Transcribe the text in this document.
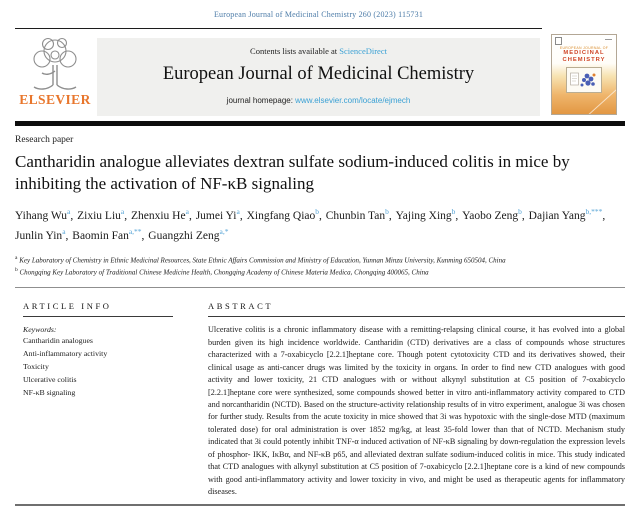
European Journal of Medicinal Chemistry 260 (2023) 115731
ELSEVIER
Contents lists available at ScienceDirect
European Journal of Medicinal Chemistry
journal homepage: www.elsevier.com/locate/ejmech
EUROPEAN JOURNAL OF
MEDICINAL
CHEMISTRY
Research paper
Cantharidin analogue alleviates dextran sulfate sodium-induced colitis in mice by inhibiting the activation of NF-κB signaling
Yihang Wu$^a$, Zixiu Liu$^a$, Zhenxiu He$^a$, Jumei Yi$^a$, Xingfang Qiao$^b$, Chunbin Tan$^b$, Yajing Xing$^b$, Yaobo Zeng$^b$, Dajian Yang$^{b,***}$, Junlin Yin$^a$, Baomin Fan$^{a,**}$, Guangzhi Zeng$^{a,*}$
$^a$ Key Laboratory of Chemistry in Ethnic Medicinal Resources, State Ethnic Affairs Commission and Ministry of Education, Yunnan Minzu University, Kunming 650504, China
$^b$ Chongqing Key Laboratory of Traditional Chinese Medicine Health, Chongqing Academy of Chinese Materia Medica, Chongqing 400065, China
ARTICLE INFO
Keywords:
Cantharidin analogues
Anti-inflammatory activity
Toxicity
Ulcerative colitis
NF-κB signaling
ABSTRACT
Ulcerative colitis is a chronic inflammatory disease with a remitting-relapsing clinical course, it has evolved into a global burden given its high incidence worldwide. Cantharidin (CTD) derivatives are a class of compounds whose structures characterized with a 7-oxabicyclo [2.2.1]heptane core. Though potent cytotoxicity CTD and its derivatives showed, their clinical usage as anti-cancer drugs was limited by the toxicity in organs. In order to find new CTD analogues with good activity and lower toxicity, 21 CTD analogues with or without alkynyl substitution at C5 position of 7-oxabicyclo [2.2.1]heptane core were synthesized, some compounds showed better in vitro anti-inflammatory activity compared to CTD and norcantharidin (NCTD). Based on the structure-activity relationship results of in vitro experiment, analogue 3i was chosen for further study. Results from the acute toxicity in mice showed that 3i was hypotoxic with the single-dose MTD (maximum tolerated dose) for oral administration is over 1852 mg/kg, at least 35-fold lower than that of NCTD. Mechanism study indicated that 3i could potently inhibit TNF-α induced activation of NF-κB signaling by down-regulation the expression levels of phosphor- IKK, IκBα, and NF-κB p65, and alleviated dextran sulfate sodium-induced colitis in mice. This study indicated that CTD analogues with alkynyl substitution at C5 position of 7-oxabicyclo [2.2.1]heptane core is a kind of new compounds with good anti-inflammatory activity and lower toxicity in vivo, and might be used as therapeutic agents for inflammatory diseases.
